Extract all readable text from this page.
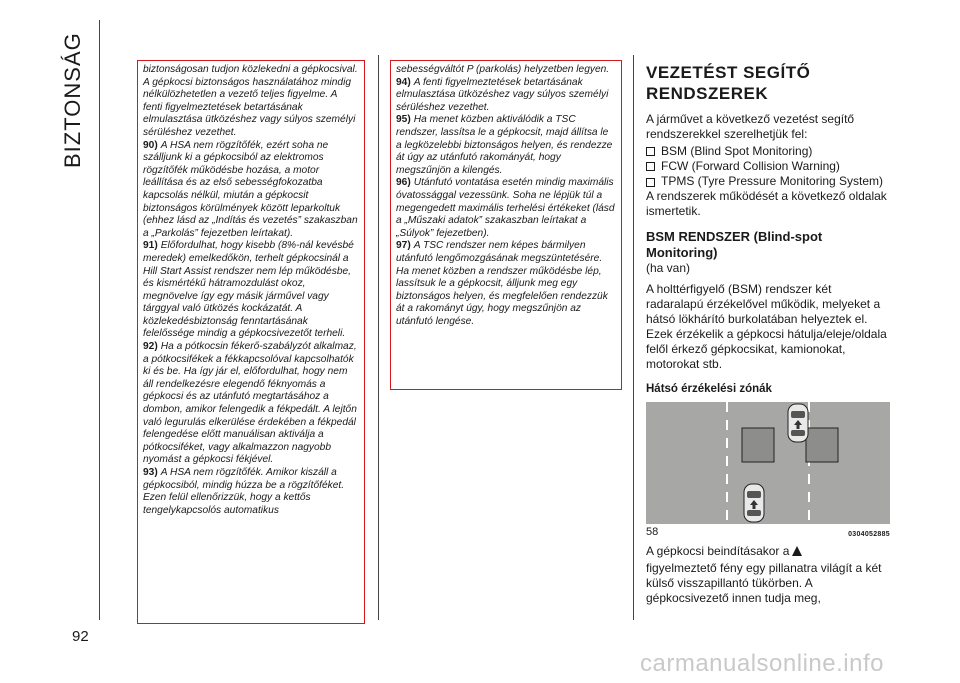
BIZTONSÁG
92

biztonságosan tudjon közlekedni a gépkocsival. A gépkocsi biztonságos használatához mindig nélkülözhetetlen a vezető teljes figyelme. A fenti figyelmeztetések betartásának elmulasztása ütközéshez vagy súlyos személyi sérüléshez vezethet.

90) A HSA nem rögzítőfék, ezért soha ne szálljunk ki a gépkocsiból az elektromos rögzítőfék működésbe hozása, a motor leállítása és az első sebességfokozatba kapcsolás nélkül, miután a gépkocsit biztonságos körülmények között leparkoltuk (ehhez lásd az „Indítás és vezetés” szakaszban a „Parkolás” fejezetben leírtakat).

91) Előfordulhat, hogy kisebb (8%-nál kevésbé meredek) emelkedőkön, terhelt gépkocsinál a Hill Start Assist rendszer nem lép működésbe, és kismértékű hátramozdulást okoz, megnövelve így egy másik járművel vagy tárggyal való ütközés kockázatát. A közlekedésbiztonság fenntartásának felelőssége mindig a gépkocsivezetőt terheli.

92) Ha a pótkocsin fékerő-szabályzót alkalmaz, a pótkocsifékek a fékkapcsolóval kapcsolhatók ki és be. Ha így jár el, előfordulhat, hogy nem áll rendelkezésre elegendő féknyomás a gépkocsi és az utánfutó megtartásához a dombon, amikor felengedik a fékpedált. A lejtőn való legurulás elkerülése érdekében a fékpedál felengedése előtt manuálisan aktiválja a pótkocsiféket, vagy alkalmazzon nagyobb nyomást a gépkocsi fékjével.

93) A HSA nem rögzítőfék. Amikor kiszáll a gépkocsiból, mindig húzza be a rögzítőféket. Ezen felül ellenőrizzük, hogy a kettős tengelykapcsolós automatikus

sebességváltót P (parkolás) helyzetben legyen.

94) A fenti figyelmeztetések betartásának elmulasztása ütközéshez vagy súlyos személyi sérüléshez vezethet.

95) Ha menet közben aktiválódik a TSC rendszer, lassítsa le a gépkocsit, majd állítsa le a legközelebbi biztonságos helyen, és rendezze át úgy az utánfutó rakományát, hogy megszűnjön a kilengés.

96) Utánfutó vontatása esetén mindig maximális óvatossággal vezessünk. Soha ne lépjük túl a megengedett maximális terhelési értékeket (lásd a „Műszaki adatok” szakaszban leírtakat a „Súlyok” fejezetben).

97) A TSC rendszer nem képes bármilyen utánfutó lengőmozgásának megszüntetésére. Ha menet közben a rendszer működésbe lép, lassítsuk le a gépkocsit, álljunk meg egy biztonságos helyen, és megfelelően rendezzük át a rakományt úgy, hogy megszűnjön az utánfutó lengése.

VEZETÉST SEGÍTŐ RENDSZEREK

A járművet a következő vezetést segítő rendszerekkel szerelhetjük fel:

BSM (Blind Spot Monitoring)
FCW (Forward Collision Warning)
TPMS (Tyre Pressure Monitoring System)

A rendszerek működését a következő oldalak ismertetik.

BSM RENDSZER (Blind-spot Monitoring)

(ha van)

A holttérfigyelő (BSM) rendszer két radaralapú érzékelővel működik, melyeket a hátsó lökhárító burkolatában helyeztek el. Ezek érzékelik a gépkocsi hátulja/eleje/oldala felől érkező gépkocsikat, kamionokat, motorokat stb.

Hátsó érzékelési zónák
58	0304052885

A gépkocsi beindításakor a

figyelmeztető fény egy pillanatra világít a két külső visszapillantó tükörben. A gépkocsivezető innen tudja meg,

carmanualsonline.info
